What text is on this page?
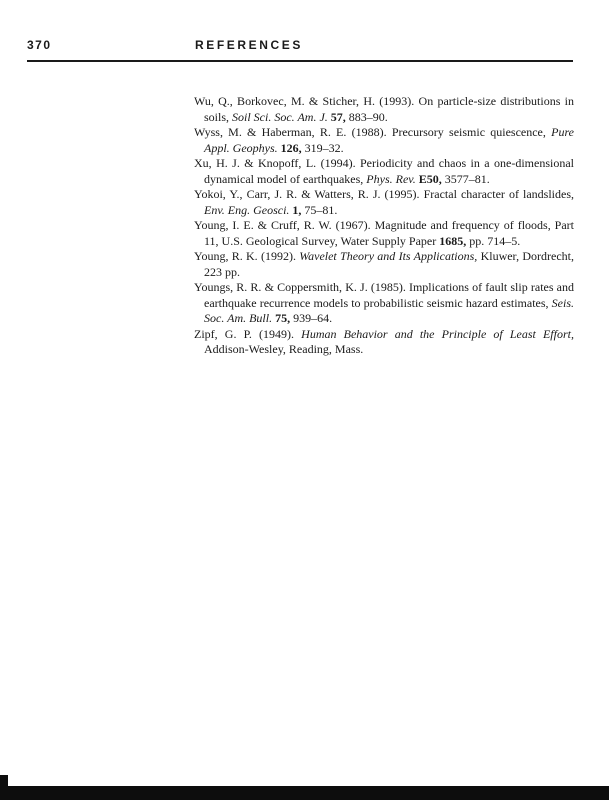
370	REFERENCES
Wu, Q., Borkovec, M. & Sticher, H. (1993). On particle-size distributions in soils, Soil Sci. Soc. Am. J. 57, 883–90.
Wyss, M. & Haberman, R. E. (1988). Precursory seismic quiescence, Pure Appl. Geophys. 126, 319–32.
Xu, H. J. & Knopoff, L. (1994). Periodicity and chaos in a one-dimensional dynamical model of earthquakes, Phys. Rev. E50, 3577–81.
Yokoi, Y., Carr, J. R. & Watters, R. J. (1995). Fractal character of landslides, Env. Eng. Geosci. 1, 75–81.
Young, I. E. & Cruff, R. W. (1967). Magnitude and frequency of floods, Part 11, U.S. Geological Survey, Water Supply Paper 1685, pp. 714–5.
Young, R. K. (1992). Wavelet Theory and Its Applications, Kluwer, Dordrecht, 223 pp.
Youngs, R. R. & Coppersmith, K. J. (1985). Implications of fault slip rates and earthquake recurrence models to probabilistic seismic hazard estimates, Seis. Soc. Am. Bull. 75, 939–64.
Zipf, G. P. (1949). Human Behavior and the Principle of Least Effort, Addison-Wesley, Reading, Mass.
